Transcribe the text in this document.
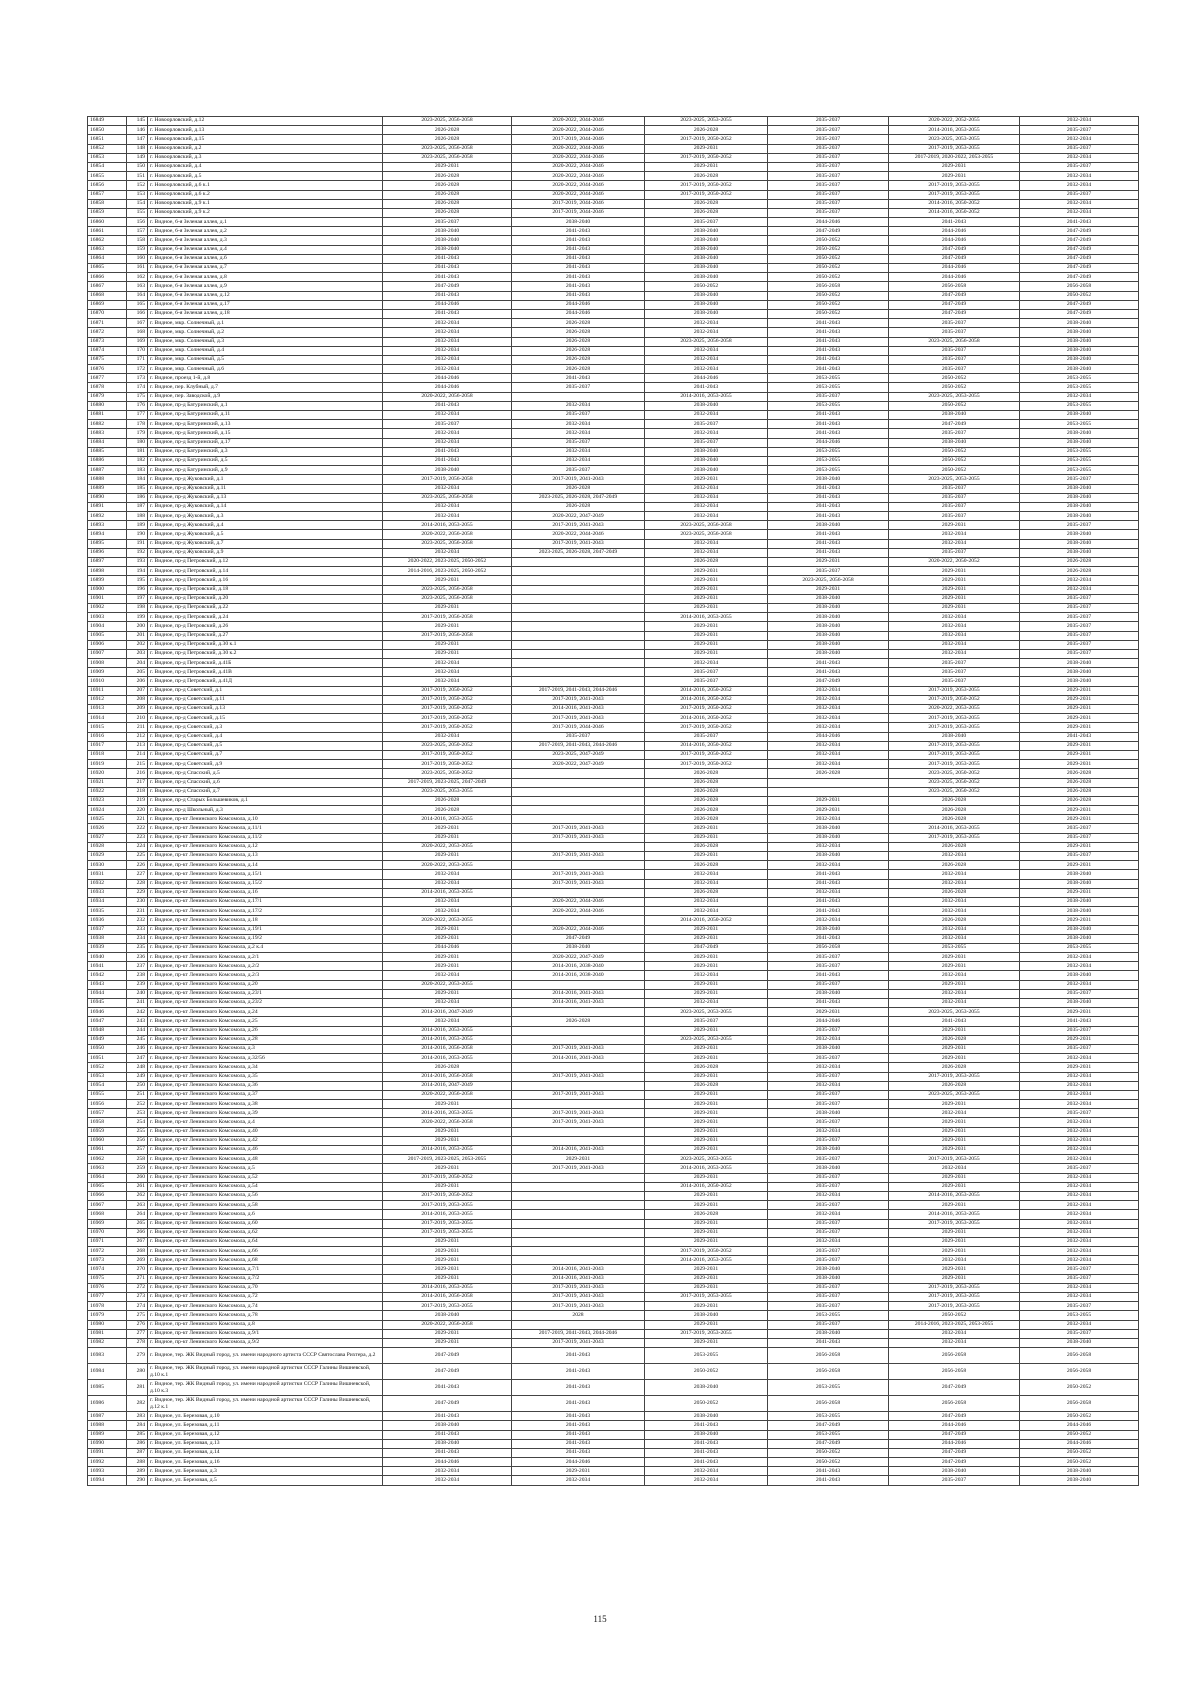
16849	145	г. Новоорловский, д.12	2023-2025, 2056-2058	2020-2022, 2044-2046	2023-2025, 2053-2055	2035-2037	2020-2022, 2052-2055	2032-2034
16850	146	г. Новоорловский, д.13	2026-2028	2020-2022, 2044-2046	2026-2028	2035-2037	2014-2016, 2053-2055	2035-2037
16851	147	г. Новоорловский, д.15	2026-2028	2017-2019, 2044-2046	2017-2019, 2050-2052	2035-2037	2023-2025, 2053-2055	2032-2034
16852	148	г. Новоорловский, д.2	2023-2025, 2056-2058	2020-2022, 2044-2046	2029-2031	2035-2037	2017-2019, 2053-2055	2035-2037
16853	149	г. Новоорловский, д.3	2023-2025, 2056-2058	2020-2022, 2044-2046	2017-2019, 2050-2052	2035-2037	2017-2019, 2020-2022, 2053-2055	2032-2034
16854	150	г. Новоорловский, д.4	2029-2031	2020-2022, 2044-2046	2029-2031	2035-2037	2029-2031	2035-2037
16855	151	г. Новоорловский, д.5	2026-2028	2020-2022, 2044-2046	2026-2028	2035-2037	2029-2031	2032-2034
16856	152	г. Новоорловский, д.6 к.1	2026-2028	2020-2022, 2044-2046	2017-2019, 2050-2052	2035-2037	2017-2019, 2053-2055	2032-2034
16857	153	г. Новоорловский, д.6 к.2	2026-2028	2020-2022, 2044-2046	2017-2019, 2050-2052	2035-2037	2017-2019, 2053-2055	2035-2037
16858	154	г. Новоорловский, д.9 к.1	2026-2028	2017-2019, 2044-2046	2026-2028	2035-2037	2014-2016, 2050-2052	2032-2034
16859	155	г. Новоорловский, д.9 к.2	2026-2028	2017-2019, 2044-2046	2026-2028	2035-2037	2014-2016, 2050-2052	2032-2034
16860	156	г. Видное, 6-я Зеленая аллея, д.1	2035-2037	2038-2040	2035-2037	2044-2046	2041-2043	2041-2043
16861	157	г. Видное, 6-я Зеленая аллея, д.2	2038-2040	2041-2043	2038-2040	2047-2049	2044-2046	2047-2049
16862	158	г. Видное, 6-я Зеленая аллея, д.3	2038-2040	2041-2043	2038-2040	2050-2052	2044-2046	2047-2049
16863	159	г. Видное, 6-я Зеленая аллея, д.4	2038-2040	2041-2043	2038-2040	2050-2052	2047-2049	2047-2049
16864	160	г. Видное, 6-я Зеленая аллея, д.6	2041-2043	2041-2043	2038-2040	2050-2052	2047-2049	2047-2049
16865	161	г. Видное, 6-я Зеленая аллея, д.7	2041-2043	2041-2043	2038-2040	2050-2052	2044-2046	2047-2049
16866	162	г. Видное, 6-я Зеленая аллея, д.8	2041-2043	2041-2043	2038-2040	2050-2052	2044-2046	2047-2049
16867	163	г. Видное, 6-я Зеленая аллея, д.9	2047-2049	2041-2043	2050-2052	2056-2058	2056-2058	2056-2058
16868	164	г. Видное, 6-я Зеленая аллея, д.12	2041-2043	2041-2043	2038-2040	2050-2052	2047-2049	2050-2052
16869	165	г. Видное, 6-я Зеленая аллея, д.17	2044-2046	2044-2046	2038-2040	2050-2052	2047-2049	2047-2049
16870	166	г. Видное, 6-я Зеленая аллея, д.18	2041-2043	2044-2046	2038-2040	2050-2052	2047-2049	2047-2049
16871	167	г. Видное, мкр. Солнечный, д.1	2032-2034	2026-2028	2032-2034	2041-2043	2035-2037	2038-2040
16872	168	г. Видное, мкр. Солнечный, д.2	2032-2034	2026-2028	2032-2034	2041-2043	2035-2037	2038-2040
16873	169	г. Видное, мкр. Солнечный, д.3	2032-2034	2026-2028	2023-2025, 2056-2058	2041-2043	2023-2025, 2056-2058	2038-2040
16874	170	г. Видное, мкр. Солнечный, д.4	2032-2034	2026-2028	2032-2034	2041-2043	2035-2037	2038-2040
16875	171	г. Видное, мкр. Солнечный, д.5	2032-2034	2026-2028	2032-2034	2041-2043	2035-2037	2038-2040
16876	172	г. Видное, мкр. Солнечный, д.6	2032-2034	2026-2028	2032-2034	2041-2043	2035-2037	2038-2040
16877	173	г. Видное, проезд 1-й, д.8	2044-2046	2041-2043	2044-2046	2053-2055	2050-2052	2053-2055
16878	174	г. Видное, пер. Клубный, д.7	2044-2046	2035-2037	2041-2043	2053-2055	2050-2052	2053-2055
16879	175	г. Видное, пер. Заводской, д.9	2020-2022, 2056-2058		2014-2016, 2053-2055	2035-2037	2023-2025, 2053-2055	2032-2034
16880	176	г. Видное, пр-д Батуринский, д.1	2041-2043	2032-2034	2038-2040	2053-2055	2050-2052	2053-2055
16881	177	г. Видное, пр-д Батуринский, д.11	2032-2034	2035-2037	2032-2034	2041-2043	2038-2040	2038-2040
16882	178	г. Видное, пр-д Батуринский, д.13	2035-2037	2032-2034	2035-2037	2041-2043	2047-2049	2053-2055
16883	179	г. Видное, пр-д Батуринский, д.15	2032-2034	2032-2034	2032-2034	2041-2043	2035-2037	2038-2040
16884	180	г. Видное, пр-д Батуринский, д.17	2032-2034	2035-2037	2035-2037	2044-2046	2038-2040	2038-2040
16885	181	г. Видное, пр-д Батуринский, д.3	2041-2043	2032-2034	2038-2040	2053-2055	2050-2052	2053-2055
16886	182	г. Видное, пр-д Батуринский, д.5	2041-2043	2032-2034	2038-2040	2053-2055	2050-2052	2053-2055
16887	183	г. Видное, пр-д Батуринский, д.9	2038-2040	2035-2037	2038-2040	2053-2055	2050-2052	2053-2055
16888	184	г. Видное, пр-д Жуковский, д.1	2017-2019, 2056-2058	2017-2019, 2041-2043	2029-2031	2038-2040	2023-2025, 2053-2055	2035-2037
16889	185	г. Видное, пр-д Жуковский, д.11	2032-2034	2026-2028	2032-2034	2041-2043	2035-2037	2038-2040
16890	186	г. Видное, пр-д Жуковский, д.13	2023-2025, 2056-2058	2023-2025, 2026-2028, 2047-2049	2032-2034	2041-2043	2035-2037	2038-2040
16891	187	г. Видное, пр-д Жуковский, д.14	2032-2034	2026-2028	2032-2034	2041-2043	2035-2037	2038-2040
16892	188	г. Видное, пр-д Жуковский, д.3	2032-2034	2020-2022, 2047-2049	2032-2034	2041-2043	2035-2037	2038-2040
16893	189	г. Видное, пр-д Жуковский, д.4	2014-2016, 2053-2055	2017-2019, 2041-2043	2023-2025, 2056-2058	2038-2040	2029-2031	2035-2037
16894	190	г. Видное, пр-д Жуковский, д.5	2020-2022, 2056-2058	2020-2022, 2044-2046	2023-2025, 2056-2058	2041-2043	2032-2034	2038-2040
16895	191	г. Видное, пр-д Жуковский, д.7	2023-2025, 2056-2058	2017-2019, 2041-2043	2032-2034	2041-2043	2032-2034	2038-2040
16896	192	г. Видное, пр-д Жуковский, д.9	2032-2034	2023-2025, 2026-2028, 2047-2049	2032-2034	2041-2043	2035-2037	2038-2040
16897	193	г. Видное, пр-д Петровский, д.12	2020-2022, 2023-2025, 2050-2052		2026-2028	2029-2031	2020-2022, 2050-2052	2026-2028
16898	194	г. Видное, пр-д Петровский, д.14	2014-2016, 2023-2025, 2050-2052		2029-2031	2035-2037	2029-2031	2026-2028
16899	195	г. Видное, пр-д Петровский, д.16	2029-2031		2029-2031	2023-2025, 2056-2058	2029-2031	2032-2034
16900	196	г. Видное, пр-д Петровский, д.18	2023-2025, 2056-2058		2029-2031	2029-2031	2029-2031	2032-2034
16901	197	г. Видное, пр-д Петровский, д.20	2023-2025, 2056-2058		2029-2031	2038-2040	2029-2031	2035-2037
16902	198	г. Видное, пр-д Петровский, д.22	2029-2031		2029-2031	2038-2040	2029-2031	2035-2037
16903	199	г. Видное, пр-д Петровский, д.24	2017-2019, 2056-2058		2014-2016, 2053-2055	2038-2040	2032-2034	2035-2037
16904	200	г. Видное, пр-д Петровский, д.26	2029-2031		2029-2031	2038-2040	2032-2034	2035-2037
16905	201	г. Видное, пр-д Петровский, д.27	2017-2019, 2056-2058		2029-2031	2038-2040	2032-2034	2035-2037
16906	202	г. Видное, пр-д Петровский, д.30 к.1	2029-2031		2029-2031	2038-2040	2032-2034	2035-2037
16907	203	г. Видное, пр-д Петровский, д.30 к.2	2029-2031		2029-2031	2038-2040	2032-2034	2035-2037
16908	204	г. Видное, пр-д Петровский, д.41Б	2032-2034		2032-2034	2041-2043	2035-2037	2038-2040
16909	205	г. Видное, пр-д Петровский, д.41В	2032-2034		2035-2037	2041-2043	2035-2037	2038-2040
16910	206	г. Видное, пр-д Петровский, д.41Д	2032-2034		2035-2037	2047-2049	2035-2037	2038-2040
16911	207	г. Видное, пр-д Советский, д.1	2017-2019, 2050-2052	2017-2019, 2041-2043, 2044-2046	2014-2016, 2050-2052	2032-2034	2017-2019, 2053-2055	2029-2031
16912	208	г. Видное, пр-д Советский, д.11	2017-2019, 2050-2052	2017-2019, 2041-2043	2014-2016, 2050-2052	2032-2034	2017-2019, 2050-2052	2029-2031
16913	209	г. Видное, пр-д Советский, д.13	2017-2019, 2050-2052	2014-2016, 2041-2043	2017-2019, 2050-2052	2032-2034	2020-2022, 2053-2055	2029-2031
16914	210	г. Видное, пр-д Советский, д.15	2017-2019, 2050-2052	2017-2019, 2041-2043	2014-2016, 2050-2052	2032-2034	2017-2019, 2053-2055	2029-2031
16915	211	г. Видное, пр-д Советский, д.3	2017-2019, 2050-2052	2017-2019, 2044-2046	2017-2019, 2050-2052	2032-2034	2017-2019, 2053-2055	2029-2031
16916	212	г. Видное, пр-д Советский, д.4	2032-2034	2035-2037	2035-2037	2044-2046	2038-2040	2041-2043
16917	213	г. Видное, пр-д Советский, д.5	2023-2025, 2050-2052	2017-2019, 2041-2043, 2044-2046	2014-2016, 2050-2052	2032-2034	2017-2019, 2053-2055	2029-2031
16918	214	г. Видное, пр-д Советский, д.7	2017-2019, 2050-2052	2023-2025, 2047-2049	2017-2019, 2050-2052	2032-2034	2017-2019, 2053-2055	2029-2031
16919	215	г. Видное, пр-д Советский, д.9	2017-2019, 2050-2052	2020-2022, 2047-2049	2017-2019, 2050-2052	2032-2034	2017-2019, 2053-2055	2029-2031
16920	216	г. Видное, пр-д Спасский, д.5	2023-2025, 2050-2052		2026-2028	2026-2028	2023-2025, 2050-2052	2026-2028
16921	217	г. Видное, пр-д Спасский, д.6	2017-2019, 2023-2025, 2047-2049		2026-2028		2023-2025, 2050-2052	2026-2028
16922	218	г. Видное, пр-д Спасский, д.7	2023-2025, 2053-2055		2026-2028		2023-2025, 2050-2052	2026-2028
16923	219	г. Видное, пр-д Старых Большевиков, д.1	2026-2028		2026-2028	2029-2031	2026-2028	2026-2028
16924	220	г. Видное, пр-д Школьный, д.3	2026-2028		2026-2028	2029-2031	2026-2028	2029-2031
16925	221	г. Видное, пр-кт Ленинского Комсомола, д.10	2014-2016, 2053-2055		2026-2028	2032-2034	2026-2028	2029-2031
16926	222	г. Видное, пр-кт Ленинского Комсомола, д.11/1	2029-2031	2017-2019, 2041-2043	2029-2031	2038-2040	2014-2016, 2053-2055	2035-2037
16927	223	г. Видное, пр-кт Ленинского Комсомола, д.11/2	2029-2031	2017-2019, 2041-2043	2029-2031	2038-2040	2017-2019, 2053-2055	2035-2037
16928	224	г. Видное, пр-кт Ленинского Комсомола, д.12	2020-2022, 2053-2055		2026-2028	2032-2034	2026-2028	2029-2031
16929	225	г. Видное, пр-кт Ленинского Комсомола, д.13	2029-2031	2017-2019, 2041-2043	2029-2031	2038-2040	2032-2034	2035-2037
16930	226	г. Видное, пр-кт Ленинского Комсомола, д.14	2020-2022, 2053-2055		2026-2028	2032-2034	2026-2028	2029-2031
16931	227	г. Видное, пр-кт Ленинского Комсомола, д.15/1	2032-2034	2017-2019, 2041-2043	2032-2034	2041-2043	2032-2034	2038-2040
16932	228	г. Видное, пр-кт Ленинского Комсомола, д.15/2	2032-2034	2017-2019, 2041-2043	2032-2034	2041-2043	2032-2034	2038-2040
16933	229	г. Видное, пр-кт Ленинского Комсомола, д.16	2014-2016, 2053-2055		2026-2028	2032-2034	2026-2028	2029-2031
16934	230	г. Видное, пр-кт Ленинского Комсомола, д.17/1	2032-2034	2020-2022, 2044-2046	2032-2034	2041-2043	2032-2034	2038-2040
16935	231	г. Видное, пр-кт Ленинского Комсомола, д.17/2	2032-2034	2020-2022, 2044-2046	2032-2034	2041-2043	2032-2034	2038-2040
16936	232	г. Видное, пр-кт Ленинского Комсомола, д.18	2020-2022, 2053-2055		2014-2016, 2050-2052	2032-2034	2026-2028	2029-2031
16937	233	г. Видное, пр-кт Ленинского Комсомола, д.19/1	2029-2031	2020-2022, 2044-2046	2029-2031	2038-2040	2032-2034	2038-2040
16938	234	г. Видное, пр-кт Ленинского Комсомола, д.19/2	2029-2031	2047-2049	2029-2031	2041-2043	2032-2034	2038-2040
16939	235	г. Видное, пр-кт Ленинского Комсомола, д.2 к.4	2044-2046	2038-2040	2047-2049	2056-2058	2053-2055	2053-2055
16940	236	г. Видное, пр-кт Ленинского Комсомола, д.2/1	2029-2031	2020-2022, 2047-2049	2029-2031	2035-2037	2029-2031	2032-2034
16941	237	г. Видное, пр-кт Ленинского Комсомола, д.2/2	2029-2031	2014-2016, 2038-2040	2029-2031	2035-2037	2029-2031	2032-2034
16942	238	г. Видное, пр-кт Ленинского Комсомола, д.2/3	2032-2034	2014-2016, 2038-2040	2032-2034	2041-2043	2032-2034	2038-2040
16943	239	г. Видное, пр-кт Ленинского Комсомола, д.20	2020-2022, 2053-2055		2029-2031	2035-2037	2029-2031	2032-2034
16944	240	г. Видное, пр-кт Ленинского Комсомола, д.23/1	2029-2031	2014-2016, 2041-2043	2029-2031	2038-2040	2032-2034	2035-2037
16945	241	г. Видное, пр-кт Ленинского Комсомола, д.23/2	2032-2034	2014-2016, 2041-2043	2032-2034	2041-2043	2032-2034	2038-2040
16946	242	г. Видное, пр-кт Ленинского Комсомола, д.24	2014-2016, 2047-2049		2023-2025, 2053-2055	2029-2031	2023-2025, 2053-2055	2029-2031
16947	243	г. Видное, пр-кт Ленинского Комсомола, д.25	2032-2034	2026-2028	2035-2037	2044-2046	2041-2043	2041-2043
16948	244	г. Видное, пр-кт Ленинского Комсомола, д.26	2014-2016, 2053-2055		2029-2031	2035-2037	2029-2031	2035-2037
16949	245	г. Видное, пр-кт Ленинского Комсомола, д.28	2014-2016, 2053-2055		2023-2025, 2053-2055	2032-2034	2026-2028	2029-2031
16950	246	г. Видное, пр-кт Ленинского Комсомола, д.3	2014-2016, 2056-2058	2017-2019, 2041-2043	2029-2031	2038-2040	2029-2031	2035-2037
16951	247	г. Видное, пр-кт Ленинского Комсомола, д.32/56	2014-2016, 2053-2055	2014-2016, 2041-2043	2029-2031	2035-2037	2029-2031	2032-2034
16952	248	г. Видное, пр-кт Ленинского Комсомола, д.34	2026-2028		2026-2028	2032-2034	2026-2028	2029-2031
16953	249	г. Видное, пр-кт Ленинского Комсомола, д.35	2014-2016, 2056-2058	2017-2019, 2041-2043	2029-2031	2035-2037	2017-2019, 2053-2055	2032-2034
16954	250	г. Видное, пр-кт Ленинского Комсомола, д.36	2014-2016, 2047-2049		2026-2028	2032-2034	2026-2028	2032-2034
16955	251	г. Видное, пр-кт Ленинского Комсомола, д.37	2020-2022, 2056-2058	2017-2019, 2041-2043	2029-2031	2035-2037	2023-2025, 2053-2055	2032-2034
16956	252	г. Видное, пр-кт Ленинского Комсомола, д.38	2029-2031		2029-2031	2035-2037	2029-2031	2032-2034
16957	253	г. Видное, пр-кт Ленинского Комсомола, д.39	2014-2016, 2053-2055	2017-2019, 2041-2043	2029-2031	2038-2040	2032-2034	2035-2037
16958	254	г. Видное, пр-кт Ленинского Комсомола, д.4	2020-2022, 2056-2058	2017-2019, 2041-2043	2029-2031	2035-2037	2029-2031	2032-2034
16959	255	г. Видное, пр-кт Ленинского Комсомола, д.40	2029-2031		2029-2031	2032-2034	2029-2031	2032-2034
16960	256	г. Видное, пр-кт Ленинского Комсомола, д.42	2029-2031		2029-2031	2035-2037	2029-2031	2032-2034
16961	257	г. Видное, пр-кт Ленинского Комсомола, д.46	2014-2016, 2053-2055	2014-2016, 2041-2043	2029-2031	2038-2040	2029-2031	2032-2034
16962	258	г. Видное, пр-кт Ленинского Комсомола, д.48	2017-2019, 2023-2025, 2053-2055	2029-2031	2023-2025, 2053-2055	2035-2037	2017-2019, 2053-2055	2032-2034
16963	259	г. Видное, пр-кт Ленинского Комсомола, д.5	2029-2031	2017-2019, 2041-2043	2014-2016, 2053-2055	2038-2040	2032-2034	2035-2037
16964	260	г. Видное, пр-кт Ленинского Комсомола, д.52	2017-2019, 2050-2052		2029-2031	2035-2037	2029-2031	2032-2034
16965	261	г. Видное, пр-кт Ленинского Комсомола, д.54	2029-2031		2014-2016, 2050-2052	2035-2037	2029-2031	2032-2034
16966	262	г. Видное, пр-кт Ленинского Комсомола, д.56	2017-2019, 2050-2052		2029-2031	2032-2034	2014-2016, 2053-2055	2032-2034
16967	263	г. Видное, пр-кт Ленинского Комсомола, д.58	2017-2019, 2053-2055		2029-2031	2035-2037	2029-2031	2032-2034
16968	264	г. Видное, пр-кт Ленинского Комсомола, д.6	2014-2016, 2053-2055		2026-2028	2032-2034	2014-2016, 2053-2055	2032-2034
16969	265	г. Видное, пр-кт Ленинского Комсомола, д.60	2017-2019, 2053-2055		2029-2031	2035-2037	2017-2019, 2053-2055	2032-2034
16970	266	г. Видное, пр-кт Ленинского Комсомола, д.62	2017-2019, 2053-2055		2029-2031	2035-2037	2029-2031	2032-2034
16971	267	г. Видное, пр-кт Ленинского Комсомола, д.64	2029-2031		2029-2031	2032-2034	2029-2031	2032-2034
16972	268	г. Видное, пр-кт Ленинского Комсомола, д.66	2029-2031		2017-2019, 2050-2052	2035-2037	2029-2031	2032-2034
16973	269	г. Видное, пр-кт Ленинского Комсомола, д.68	2029-2031		2014-2016, 2053-2055	2035-2037	2032-2034	2032-2034
16974	270	г. Видное, пр-кт Ленинского Комсомола, д.7/1	2029-2031	2014-2016, 2041-2043	2029-2031	2038-2040	2029-2031	2035-2037
16975	271	г. Видное, пр-кт Ленинского Комсомола, д.7/2	2029-2031	2014-2016, 2041-2043	2029-2031	2038-2040	2029-2031	2035-2037
16976	272	г. Видное, пр-кт Ленинского Комсомола, д.70	2014-2016, 2053-2055	2017-2019, 2041-2043	2029-2031	2035-2037	2017-2019, 2053-2055	2032-2034
16977	273	г. Видное, пр-кт Ленинского Комсомола, д.72	2014-2016, 2056-2058	2017-2019, 2041-2043	2017-2019, 2053-2055	2035-2037	2017-2019, 2053-2055	2032-2034
16978	274	г. Видное, пр-кт Ленинского Комсомола, д.74	2017-2019, 2053-2055	2017-2019, 2041-2043	2029-2031	2035-2037	2017-2019, 2053-2055	2035-2037
16979	275	г. Видное, пр-кт Ленинского Комсомола, д.78	2038-2040	2028	2038-2040	2053-2055	2050-2052	2053-2055
16980	276	г. Видное, пр-кт Ленинского Комсомола, д.8	2020-2022, 2056-2058		2029-2031	2035-2037	2014-2016, 2023-2025, 2053-2055	2032-2034
16981	277	г. Видное, пр-кт Ленинского Комсомола, д.9/1	2029-2031	2017-2019, 2041-2043, 2044-2046	2017-2019, 2053-2055	2038-2040	2032-2034	2035-2037
16982	278	г. Видное, пр-кт Ленинского Комсомола, д.9/2	2029-2031	2017-2019, 2041-2043	2029-2031	2041-2043	2032-2034	2038-2040
16983	279	г. Видное, тер. ЖК Видный город, ул. имени народного артиста СССР Святослава Рихтера, д.2	2047-2049	2041-2043	2053-2055	2056-2058	2056-2058	2056-2058
16984	280	г. Видное, тер. ЖК Видный город, ул. имени народной артистки СССР Галины Вишневской, д.10 к.1	2047-2049	2041-2043	2050-2052	2056-2058	2056-2058	2056-2058
16985	281	г. Видное, тер. ЖК Видный город, ул. имени народной артистки СССР Галины Вишневской, д.10 к.3	2041-2043	2041-2043	2038-2040	2053-2055	2047-2049	2050-2052
16986	282	г. Видное, тер. ЖК Видный город, ул. имени народной артистки СССР Галины Вишневской, д.12 к.1	2047-2049	2041-2043	2050-2052	2056-2058	2056-2058	2056-2058
16987	283	г. Видное, ул. Березовая, д.10	2041-2043	2041-2043	2038-2040	2053-2055	2047-2049	2050-2052
16988	284	г. Видное, ул. Березовая, д.11	2038-2040	2041-2043	2041-2043	2047-2049	2044-2046	2044-2046
16989	285	г. Видное, ул. Березовая, д.12	2041-2043	2041-2043	2038-2040	2053-2055	2047-2049	2050-2052
16990	286	г. Видное, ул. Березовая, д.13	2038-2040	2041-2043	2041-2043	2047-2049	2044-2046	2044-2046
16991	287	г. Видное, ул. Березовая, д.14	2041-2043	2041-2043	2041-2043	2050-2052	2047-2049	2050-2052
16992	288	г. Видное, ул. Березовая, д.16	2044-2046	2044-2046	2041-2043	2050-2052	2047-2049	2050-2052
16993	289	г. Видное, ул. Березовая, д.3	2032-2034	2029-2031	2032-2034	2041-2043	2038-2040	2038-2040
16994	290	г. Видное, ул. Березовая, д.5	2032-2034	2032-2034	2032-2034	2041-2043	2035-2037	2038-2040
115
